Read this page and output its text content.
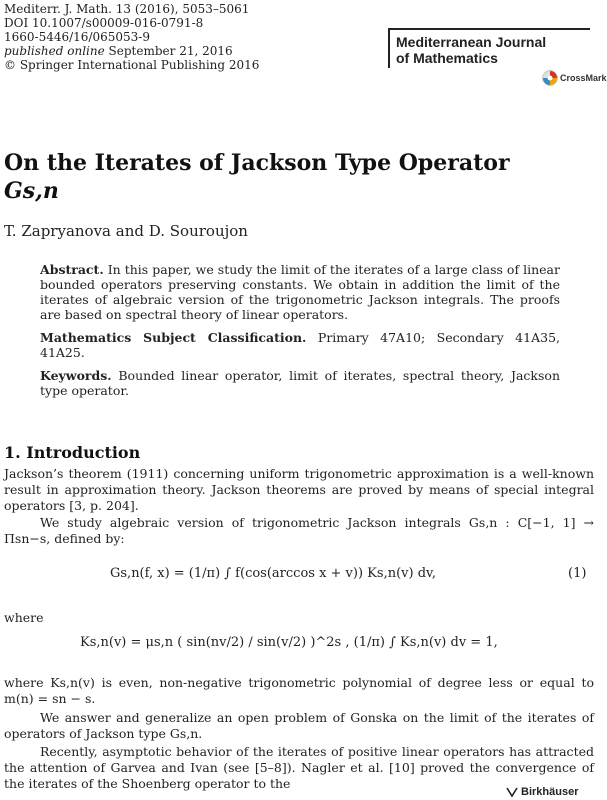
Mediterr. J. Math. 13 (2016), 5053–5061
DOI 10.1007/s00009-016-0791-8
1660-5446/16/065053-9
published online September 21, 2016
© Springer International Publishing 2016
Mediterranean Journal
of Mathematics
CrossMark
On the Iterates of Jackson Type Operator
Gs,n
T. Zapryanova and D. Souroujon

Abstract. In this paper, we study the limit of the iterates of a large class of linear bounded operators preserving constants. We obtain in addition the limit of the iterates of algebraic version of the trigonometric Jackson integrals. The proofs are based on spectral theory of linear operators.

Mathematics Subject Classification. Primary 47A10; Secondary 41A35, 41A25.

Keywords. Bounded linear operator, limit of iterates, spectral theory, Jackson type operator.

1. Introduction
Jackson’s theorem (1911) concerning uniform trigonometric approximation is a well-known result in approximation theory. Jackson theorems are proved by means of special integral operators [3, p. 204].
We study algebraic version of trigonometric Jackson integrals Gs,n : C[−1, 1] → Πsn−s, defined by:
Gs,n(f, x) = (1/π) ∫ f(cos(arccos x + v)) Ks,n(v) dv,	(1)
where
Ks,n(v) = μs,n ( sin(nv/2) / sin(v/2) )^2s , (1/π) ∫ Ks,n(v) dv = 1,
where Ks,n(v) is even, non-negative trigonometric polynomial of degree less or equal to m(n) = sn − s.
We answer and generalize an open problem of Gonska on the limit of the iterates of operators of Jackson type Gs,n.
Recently, asymptotic behavior of the iterates of positive linear operators has attracted the attention of Garvea and Ivan (see [5–8]). Nagler et al. [10] proved the convergence of the iterates of the Shoenberg operator to the
Birkhäuser
